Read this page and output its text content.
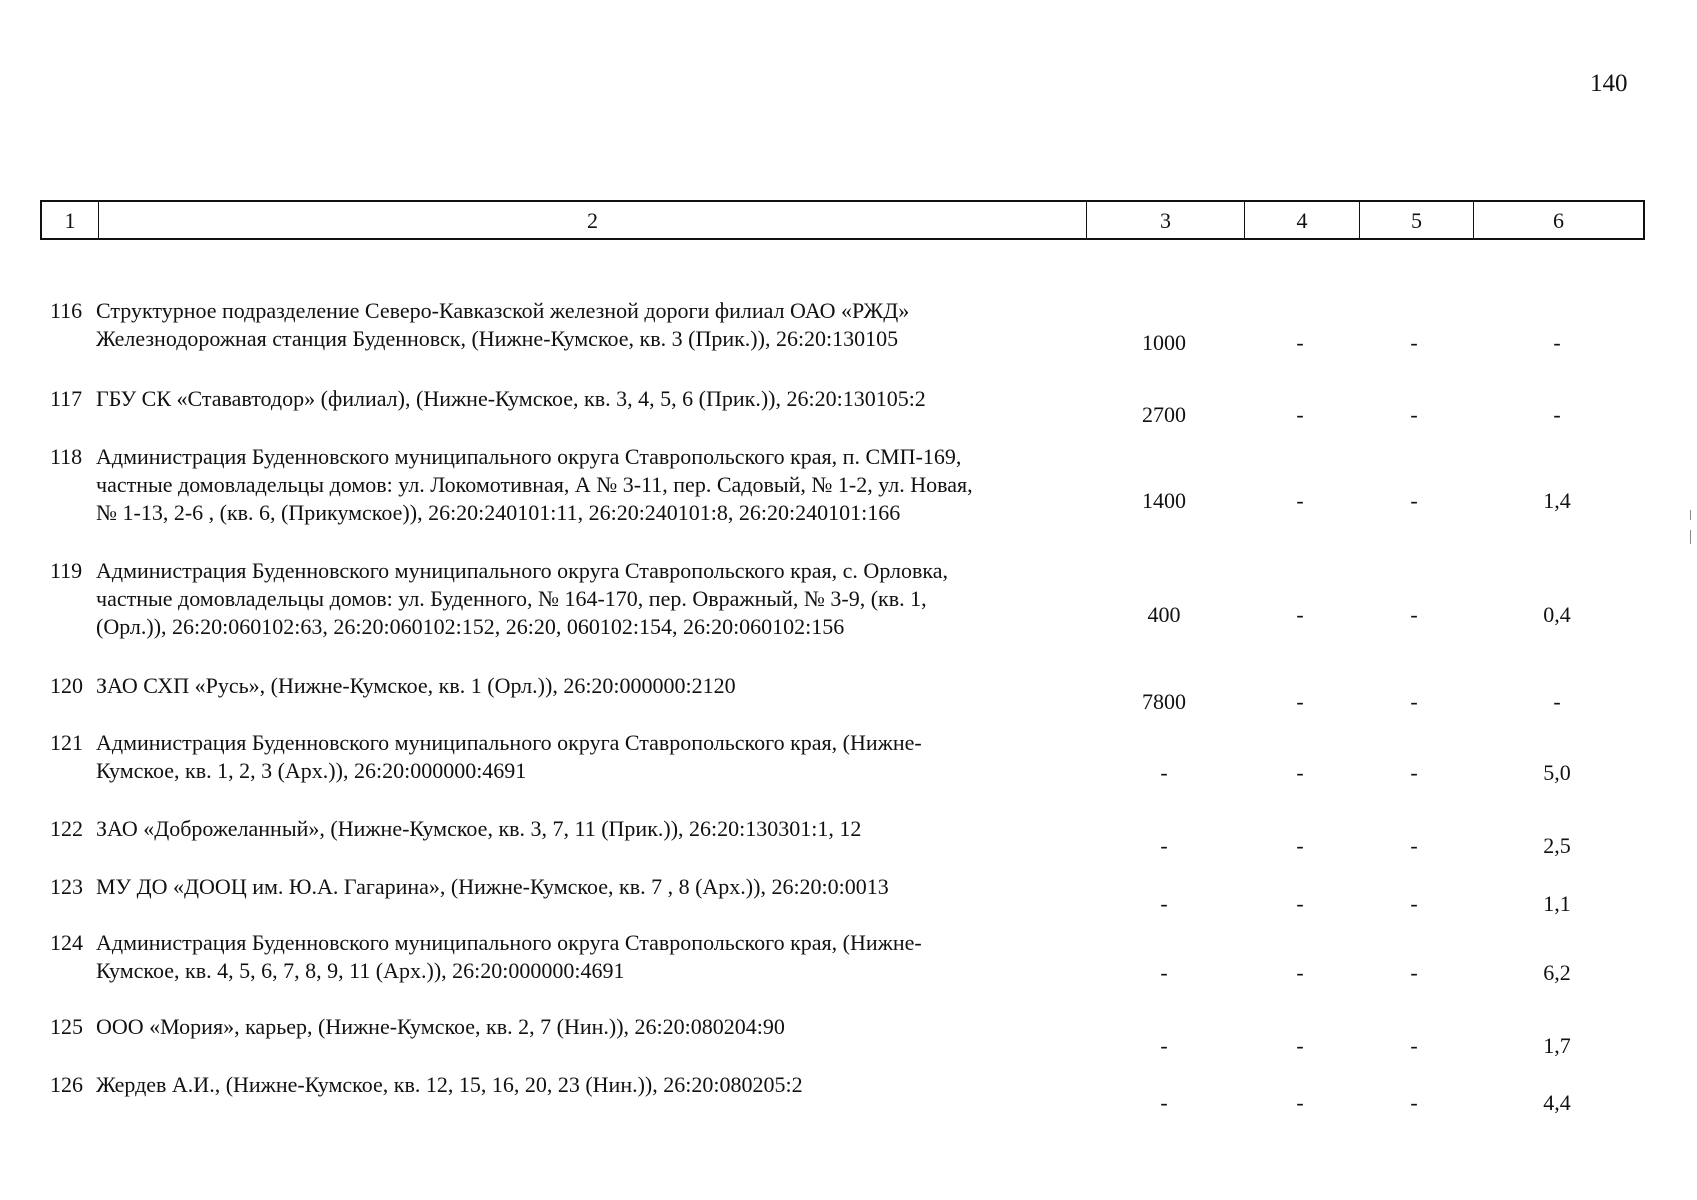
140
1	2	3	4	5	6
116 Структурное подразделение Северо-Кавказской железной дороги филиал ОАО «РЖД»
Железнодорожная станция Буденновск, (Нижне-Кумское, кв. 3 (Прик.)), 26:20:130105	1000	-	-	-
117 ГБУ СК «Стававтодор» (филиал), (Нижне-Кумское, кв. 3, 4, 5, 6 (Прик.)), 26:20:130105:2
2700	-	-	-
118 Администрация Буденновского муниципального округа Ставропольского края, п. СМП-169,
частные домовладельцы домов: ул. Локомотивная, А № 3-11, пер. Садовый, № 1-2, ул. Новая,
№ 1-13, 2-6 , (кв. 6, (Прикумское)), 26:20:240101:11, 26:20:240101:8, 26:20:240101:166	1400	-	-	1,4
119 Администрация Буденновского муниципального округа Ставропольского края, с. Орловка,
частные домовладельцы домов: ул. Буденного, № 164-170, пер. Овражный, № 3-9, (кв. 1,
(Орл.)), 26:20:060102:63, 26:20:060102:152, 26:20, 060102:154, 26:20:060102:156	400	-	-	0,4
120 ЗАО СХП «Русь», (Нижне-Кумское, кв. 1 (Орл.)), 26:20:000000:2120
7800	-	-	-
121 Администрация Буденновского муниципального округа Ставропольского края, (Нижне-
Кумское, кв. 1, 2, 3 (Арх.)), 26:20:000000:4691	-	-	-	5,0
122 ЗАО «Доброжеланный», (Нижне-Кумское, кв. 3, 7, 11 (Прик.)), 26:20:130301:1, 12
-	-	-	2,5
123 МУ ДО «ДООЦ им. Ю.А. Гагарина», (Нижне-Кумское, кв. 7 , 8 (Арх.)), 26:20:0:0013
-	-	-	1,1
124 Администрация Буденновского муниципального округа Ставропольского края, (Нижне-
Кумское, кв. 4, 5, 6, 7, 8, 9, 11 (Арх.)), 26:20:000000:4691	-	-	-	6,2
125 ООО «Мория», карьер, (Нижне-Кумское, кв. 2, 7 (Нин.)), 26:20:080204:90
-	-	-	1,7
126 Жердев А.И., (Нижне-Кумское, кв. 12, 15, 16, 20, 23 (Нин.)), 26:20:080205:2
-	-	-	4,4
